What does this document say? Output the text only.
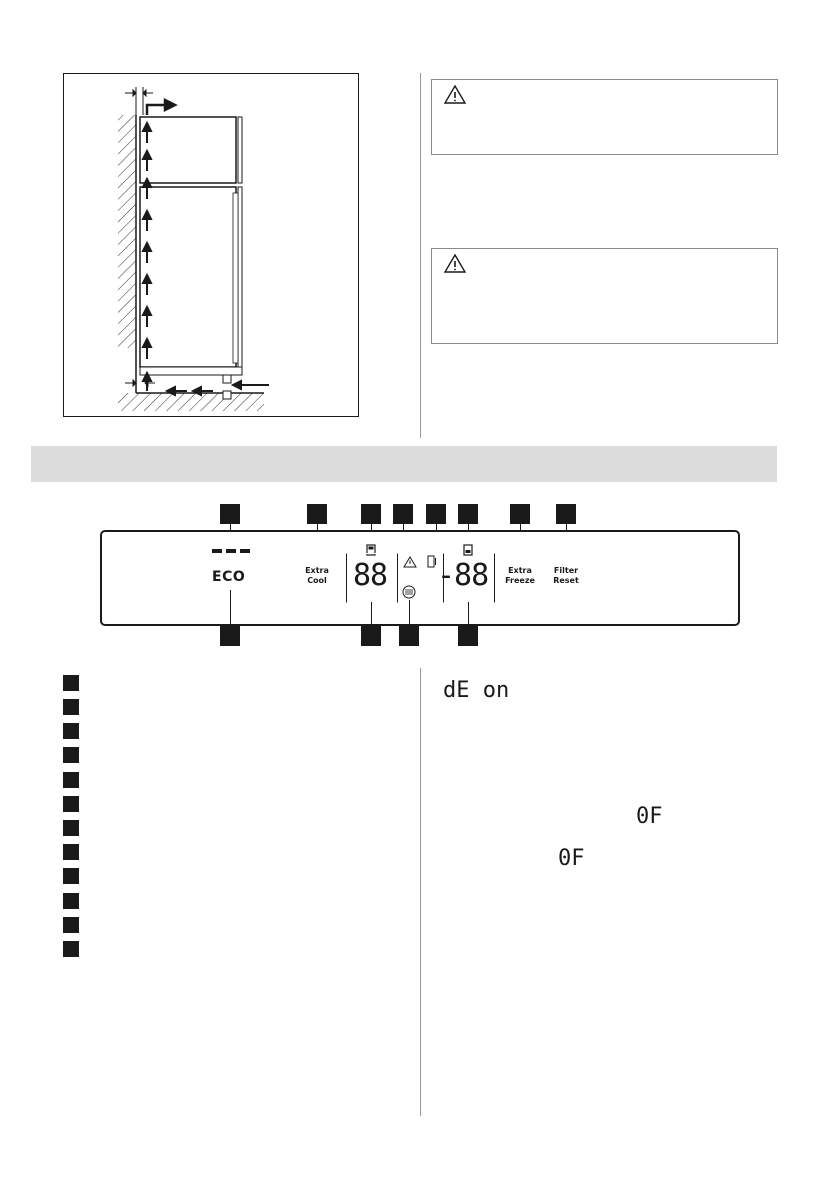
ECO	Extra
Cool 88 -88	Extra
Freeze
Filter
Reset
dE on
0F
0F
